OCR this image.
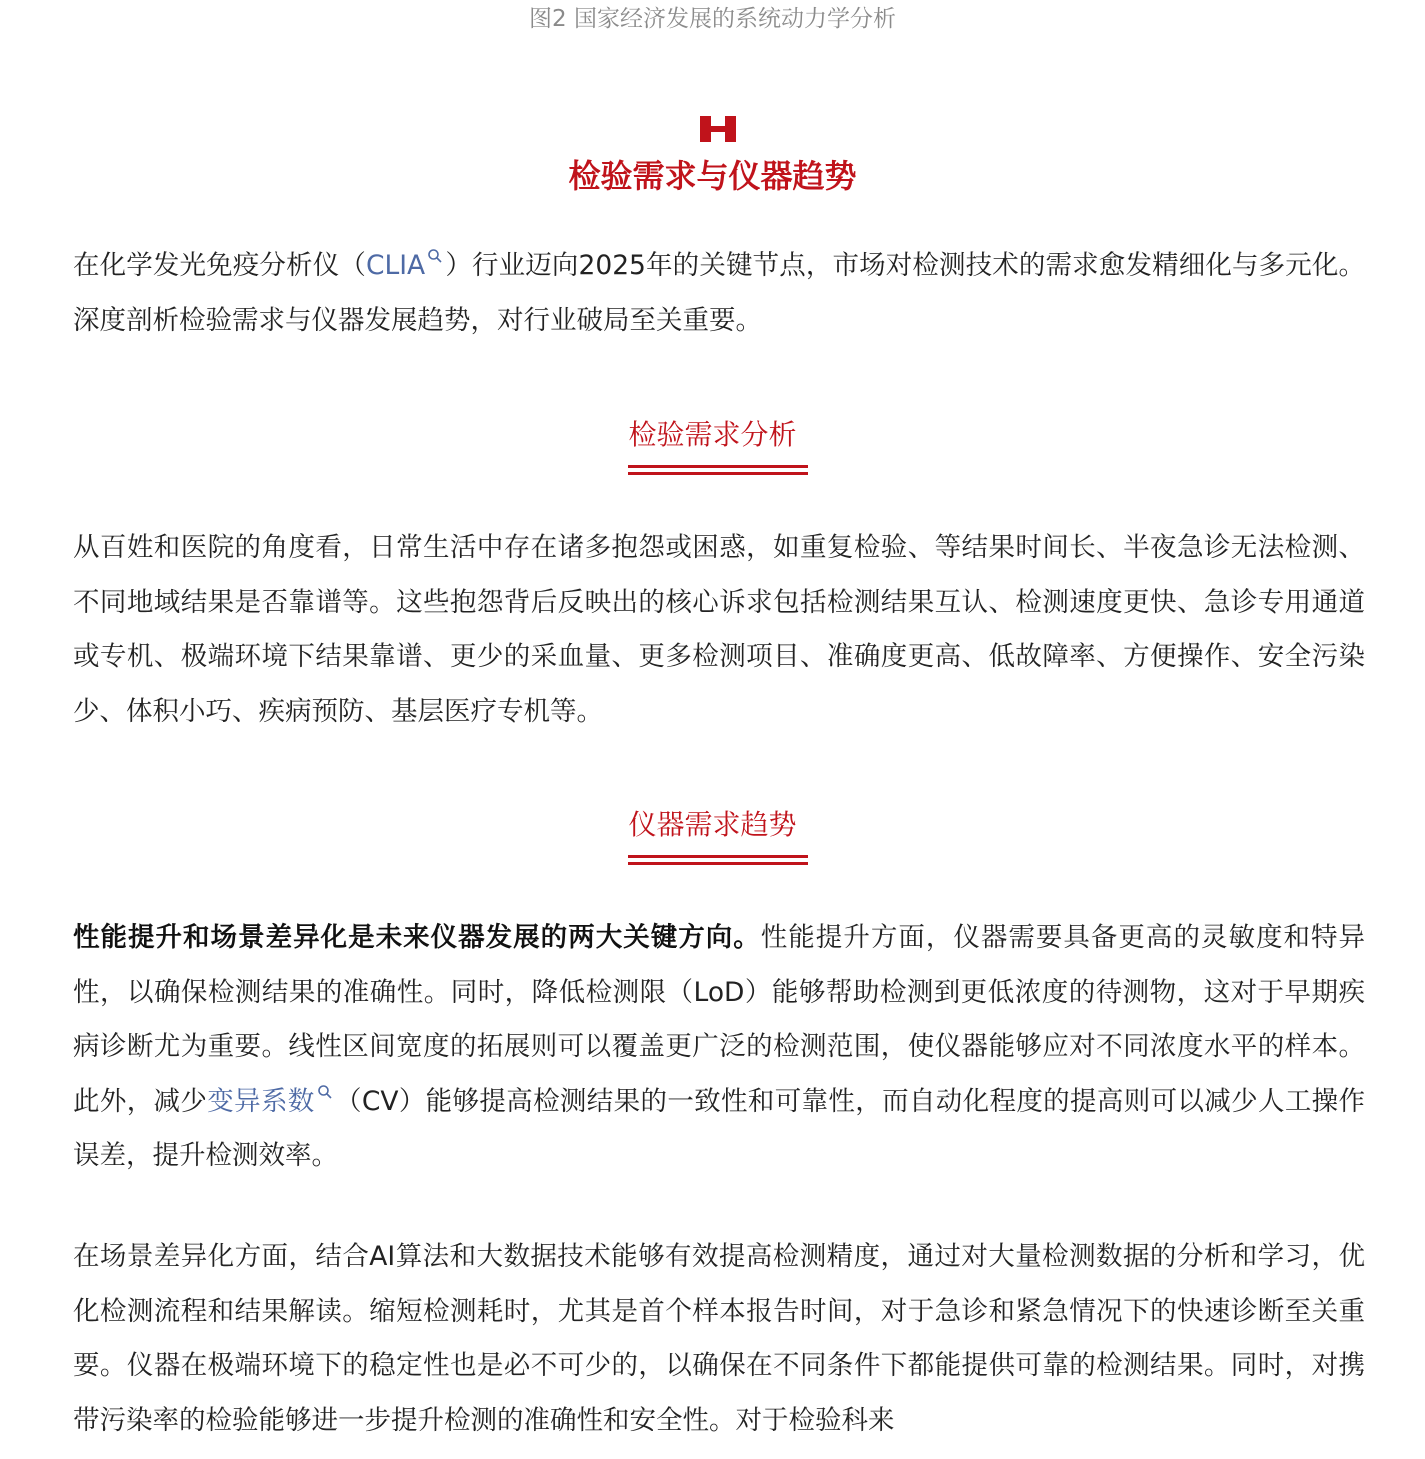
图2 国家经济发展的系统动力学分析
检验需求与仪器趋势

在化学发光免疫分析仪（CLIA ）行业迈向2025年的关键节点，市场对检测技术的需求愈发精细化与多元化。深度剖析检验需求与仪器发展趋势，对行业破局至关重要。

检验需求分析

从百姓和医院的角度看，日常生活中存在诸多抱怨或困惑，如重复检验、等结果时间长、半夜急诊无法检测、不同地域结果是否靠谱等。这些抱怨背后反映出的核心诉求包括检测结果互认、检测速度更快、急诊专用通道或专机、极端环境下结果靠谱、更少的采血量、更多检测项目、准确度更高、低故障率、方便操作、安全污染少、体积小巧、疾病预防、基层医疗专机等。

仪器需求趋势

性能提升和场景差异化是未来仪器发展的两大关键方向。性能提升方面，仪器需要具备更高的灵敏度和特异性，以确保检测结果的准确性。同时，降低检测限（LoD）能够帮助检测到更低浓度的待测物，这对于早期疾病诊断尤为重要。线性区间宽度的拓展则可以覆盖更广泛的检测范围，使仪器能够应对不同浓度水平的样本。此外，减少变异系数 （CV）能够提高检测结果的一致性和可靠性，而自动化程度的提高则可以减少人工操作误差，提升检测效率。

在场景差异化方面，结合AI算法和大数据技术能够有效提高检测精度，通过对大量检测数据的分析和学习，优化检测流程和结果解读。缩短检测耗时，尤其是首个样本报告时间，对于急诊和紧急情况下的快速诊断至关重要。仪器在极端环境下的稳定性也是必不可少的，以确保在不同条件下都能提供可靠的检测结果。同时，对携带污染率的检验能够进一步提升检测的准确性和安全性。对于检验科来
